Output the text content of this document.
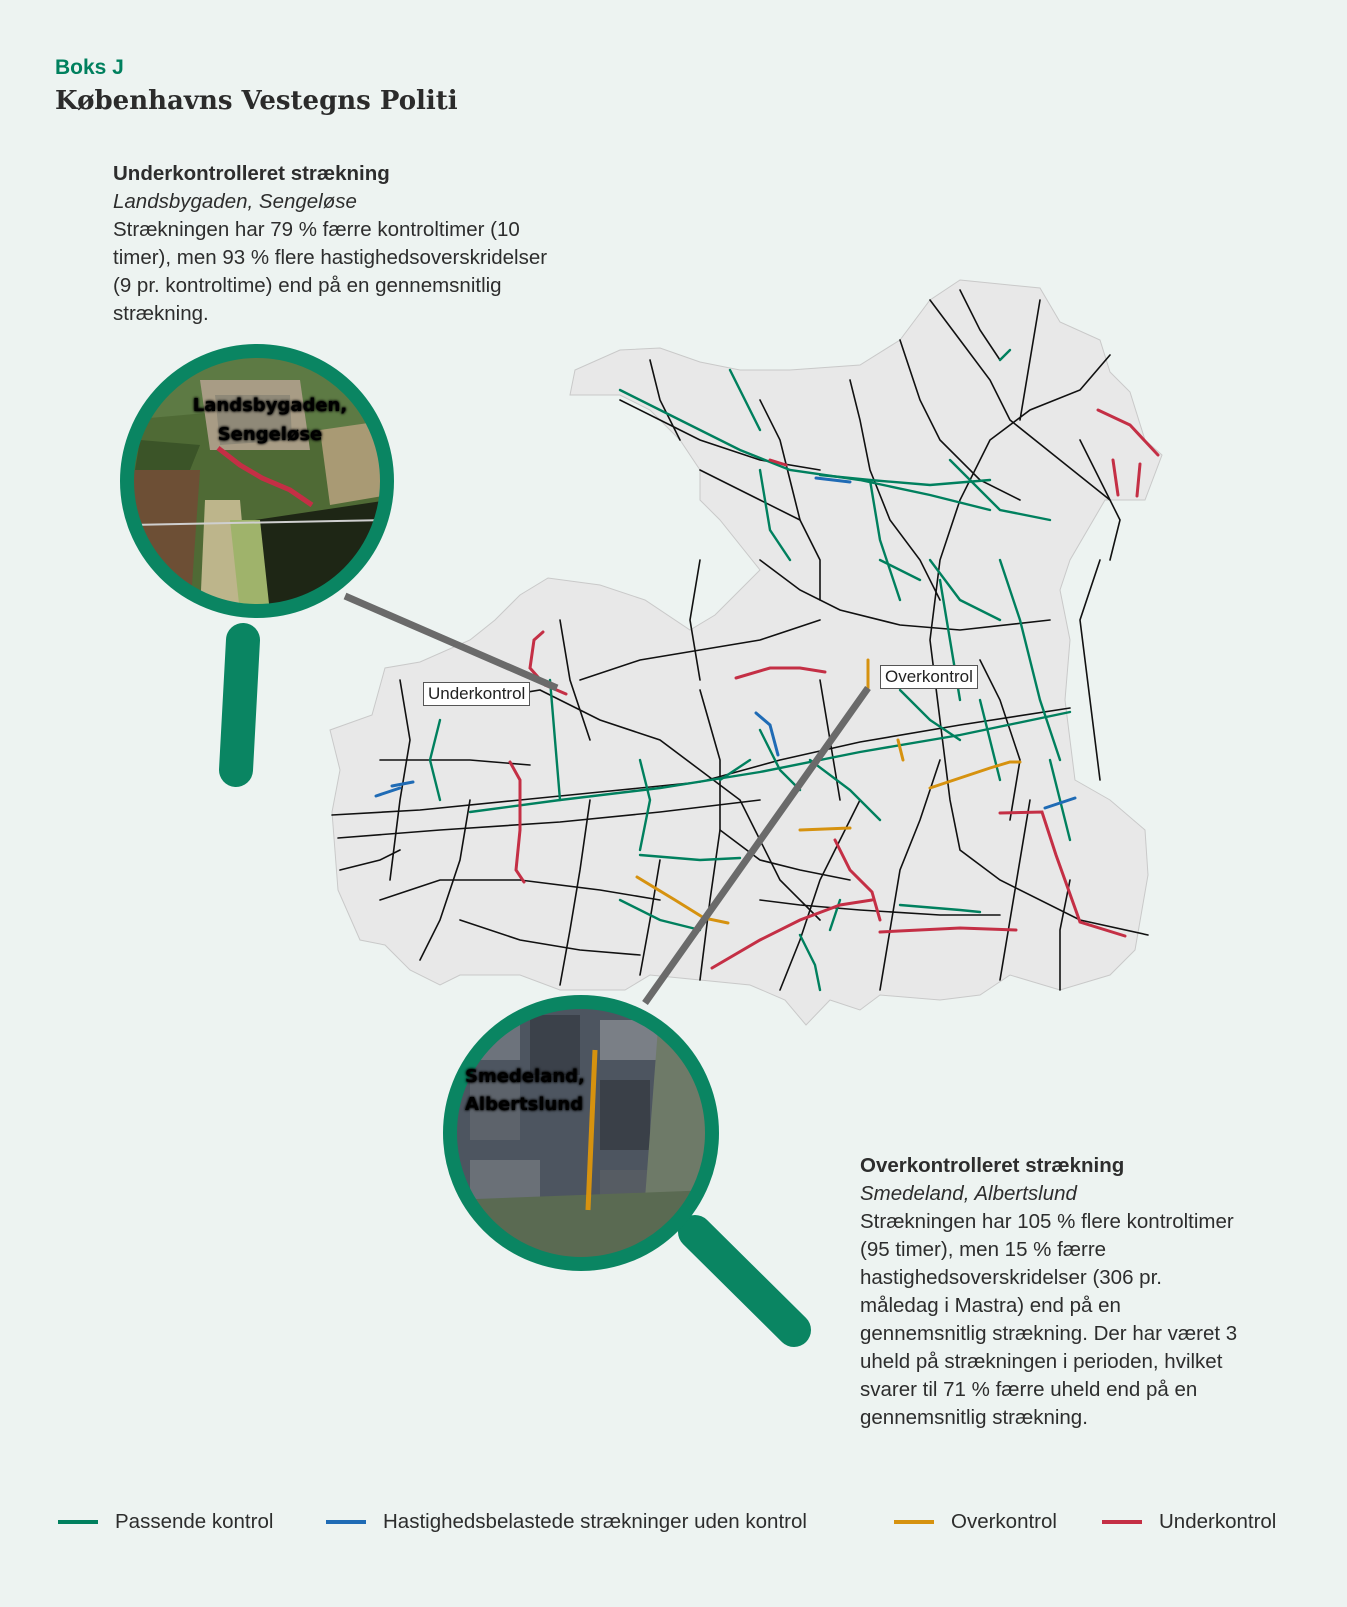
Boks J
Københavns Vestegns Politi
Underkontrolleret strækning
Landsbygaden, Sengeløse
Strækningen har 79 % færre kontroltimer (10 timer), men 93 % flere hastighedsoverskridelser (9 pr. kontroltime) end på en gennemsnitlig strækning.
Overkontrolleret strækning
Smedeland, Albertslund
Strækningen har 105 % flere kontroltimer (95 timer), men 15 % færre hastighedsoverskridelser (306 pr. måledag i Mastra) end på en gennemsnitlig strækning. Der har været 3 uheld på strækningen i perioden, hvilket svarer til 71 % færre uheld end på en gennemsnitlig strækning.
Landsbygaden,
Sengeløse
Smedeland,
Albertslund
Underkontrol
Overkontrol
Passende kontrol	Hastighedsbelastede strækninger uden kontrol	Overkontrol	Underkontrol
